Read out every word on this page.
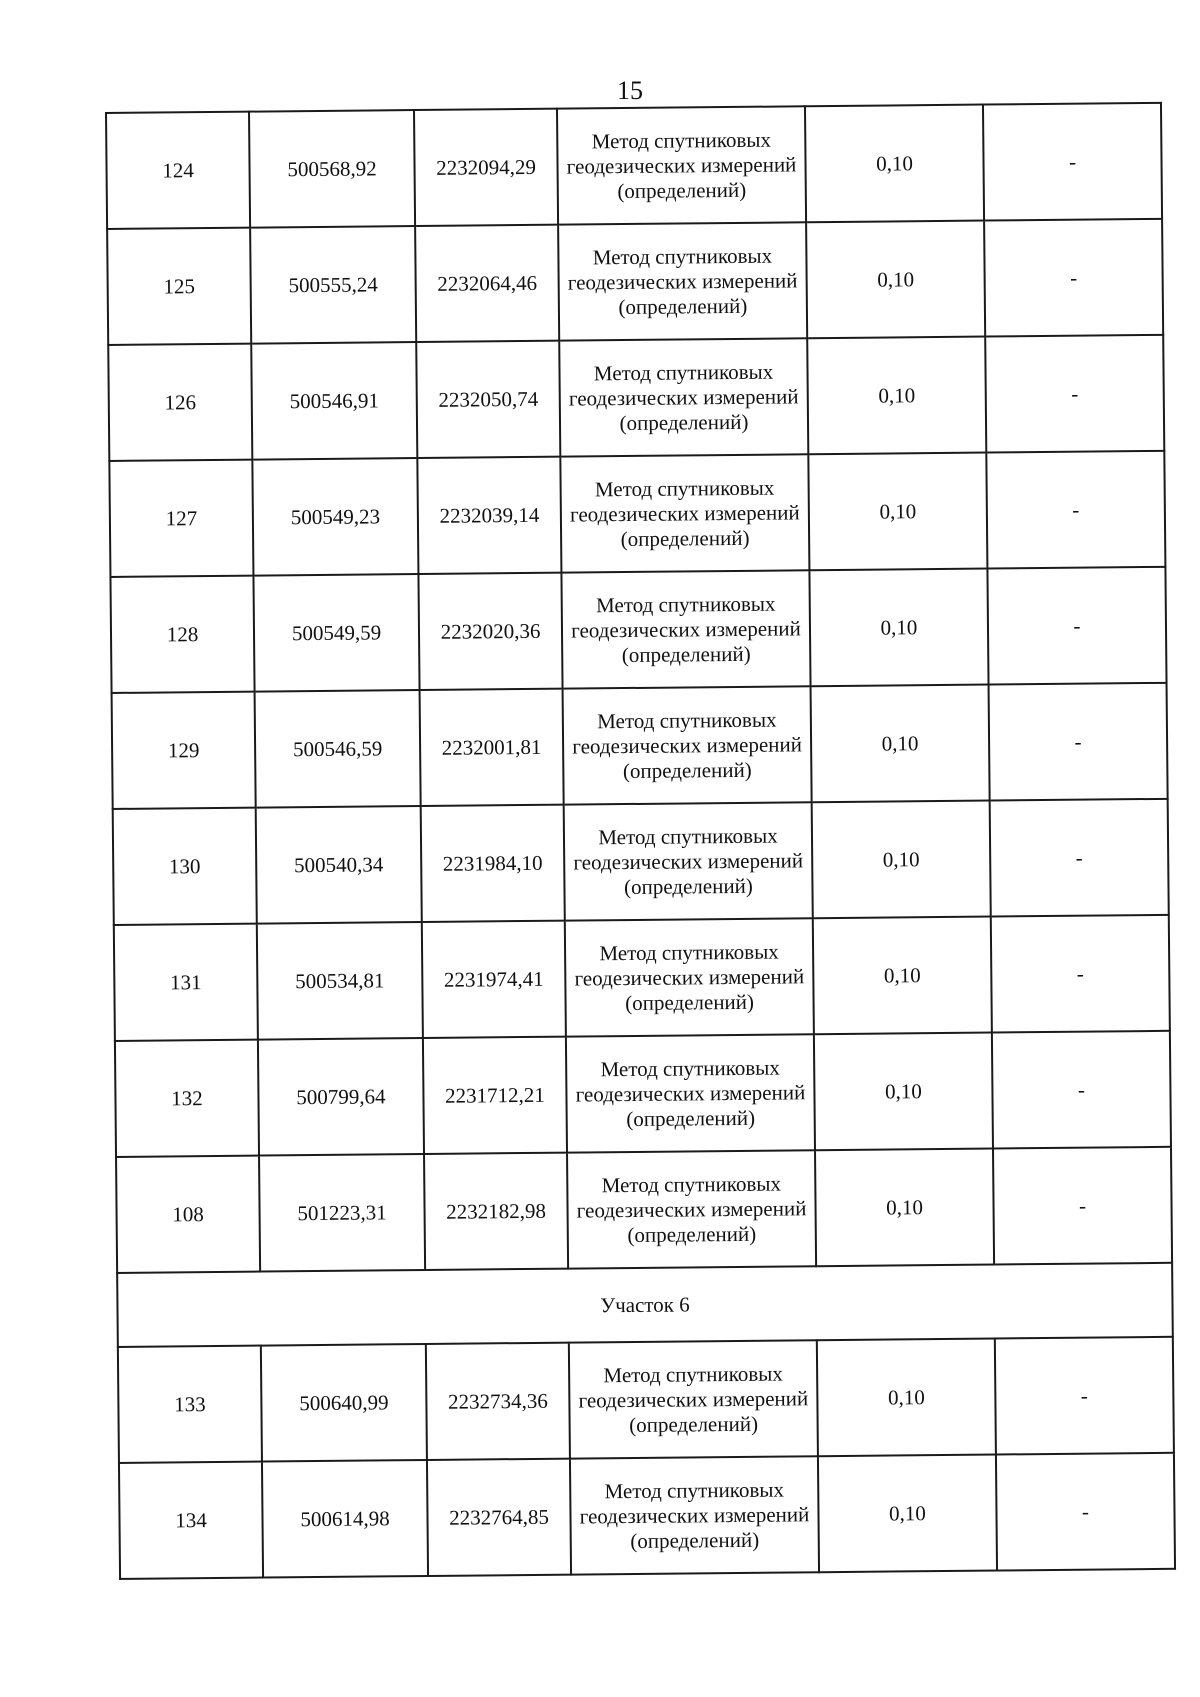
15
124	500568,92	2232094,29	Метод спутниковых геодезических измерений (определений)	0,10	-
125	500555,24	2232064,46	Метод спутниковых геодезических измерений (определений)	0,10	-
126	500546,91	2232050,74	Метод спутниковых геодезических измерений (определений)	0,10	-
127	500549,23	2232039,14	Метод спутниковых геодезических измерений (определений)	0,10	-
128	500549,59	2232020,36	Метод спутниковых геодезических измерений (определений)	0,10	-
129	500546,59	2232001,81	Метод спутниковых геодезических измерений (определений)	0,10	-
130	500540,34	2231984,10	Метод спутниковых геодезических измерений (определений)	0,10	-
131	500534,81	2231974,41	Метод спутниковых геодезических измерений (определений)	0,10	-
132	500799,64	2231712,21	Метод спутниковых геодезических измерений (определений)	0,10	-
108	501223,31	2232182,98	Метод спутниковых геодезических измерений (определений)	0,10	-
Участок 6					
133	500640,99	2232734,36	Метод спутниковых геодезических измерений (определений)	0,10	-
134	500614,98	2232764,85	Метод спутниковых геодезических измерений (определений)	0,10	-
